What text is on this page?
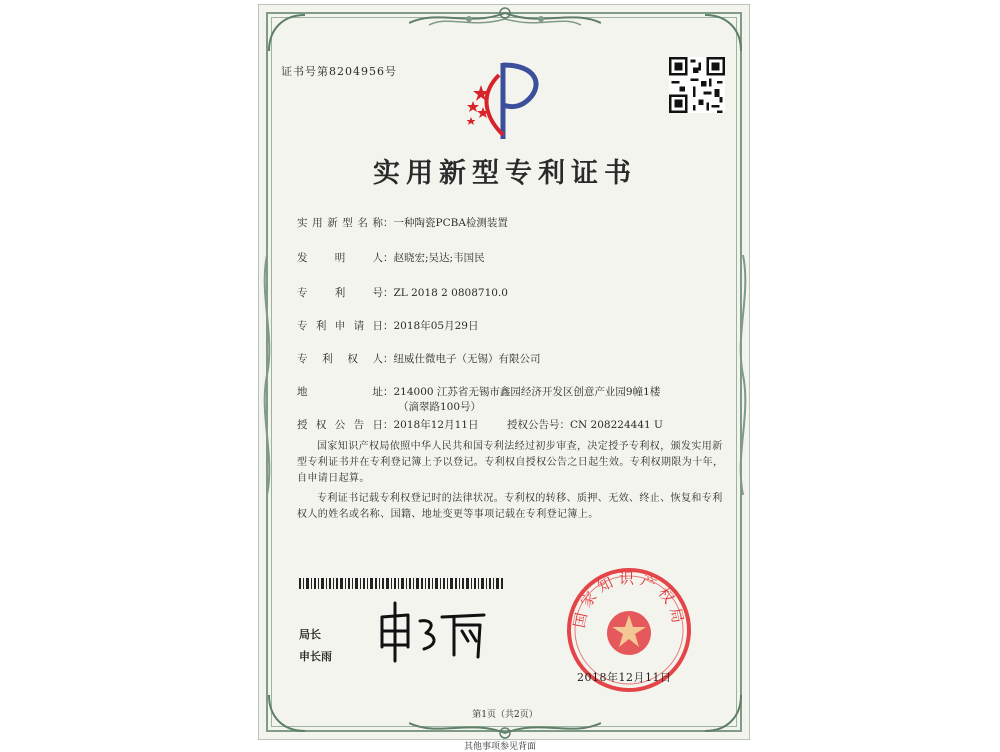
证书号第8204956号
实用新型专利证书
实用新型名称：一种陶瓷PCBA检测装置
发明人：赵晓宏;吴达;韦国民
专利号：ZL 2018 2 0808710.0
专利申请日：2018年05月29日
专利权人：纽威仕微电子（无锡）有限公司
地址：214000 江苏省无锡市鑫园经济开发区创意产业园9幢1楼
（滴翠路100号）
授权公告日：2018年12月11日	授权公告号：CN 208224441 U
国家知识产权局依照中华人民共和国专利法经过初步审查，决定授予专利权，颁发实用新型专利证书并在专利登记簿上予以登记。专利权自授权公告之日起生效。专利权期限为十年，自申请日起算。
专利证书记载专利权登记时的法律状况。专利权的转移、质押、无效、终止、恢复和专利权人的姓名或名称、国籍、地址变更等事项记载在专利登记簿上。
局长
申长雨
国家知识产权局
2018年12月11日
第1页（共2页）
其他事项参见背面
